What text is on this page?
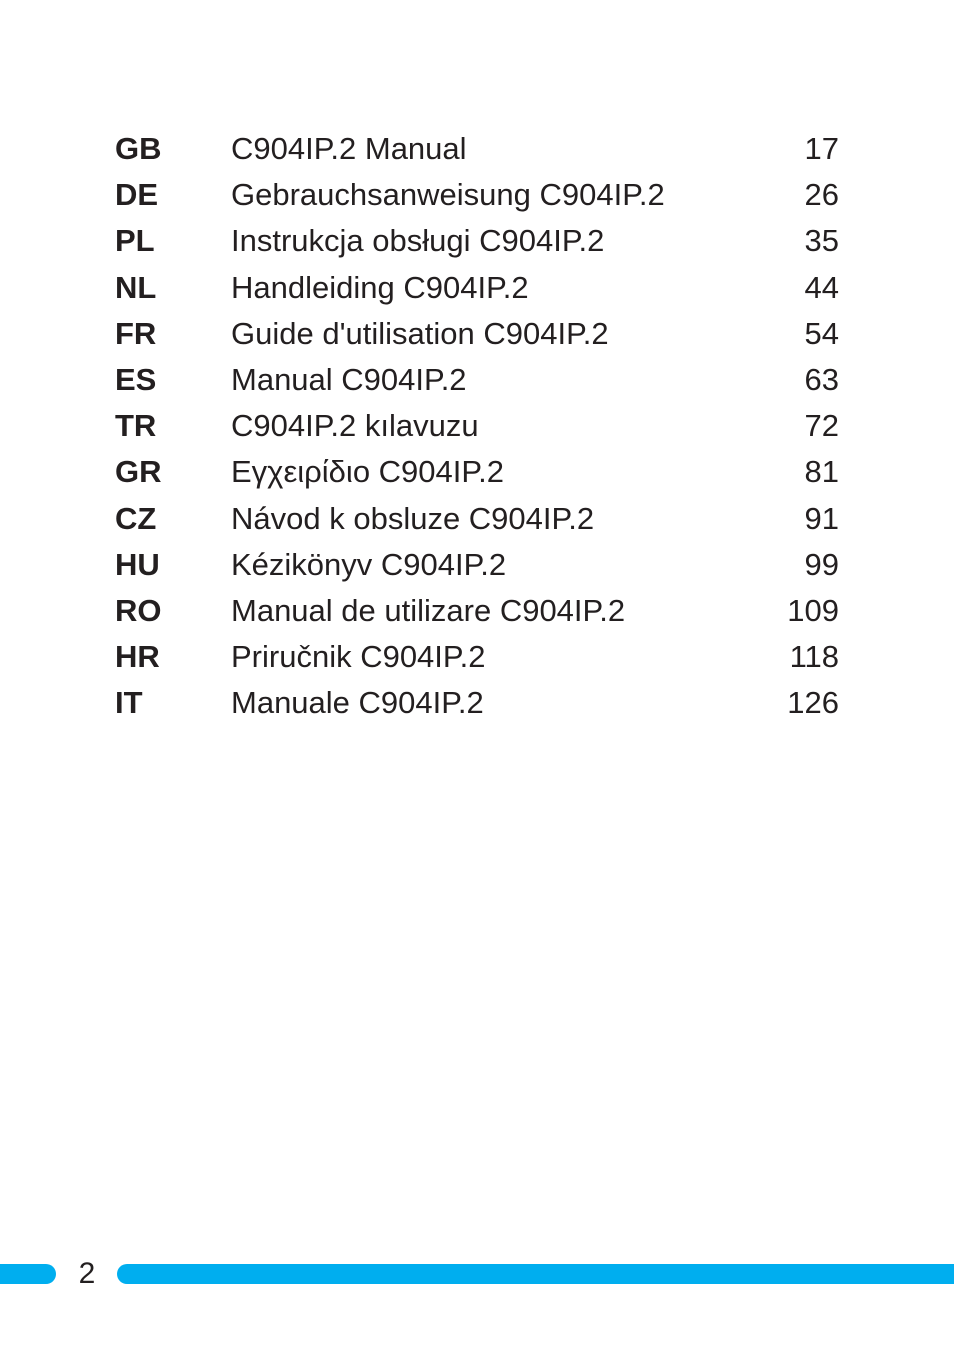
GB C904IP.2 Manual	17
DE Gebrauchsanweisung C904IP.2	26
PL Instrukcja obsługi C904IP.2	35
NL Handleiding C904IP.2	44
FR Guide d'utilisation C904IP.2	54
ES Manual C904IP.2	63
TR C904IP.2 kılavuzu	72
GR Εγχειρίδιο C904IP.2	81
CZ Návod k obsluze C904IP.2	91
HU Kézikönyv C904IP.2	99
RO Manual de utilizare C904IP.2	109
HR Priručnik C904IP.2	118
IT	Manuale C904IP.2	126
2
